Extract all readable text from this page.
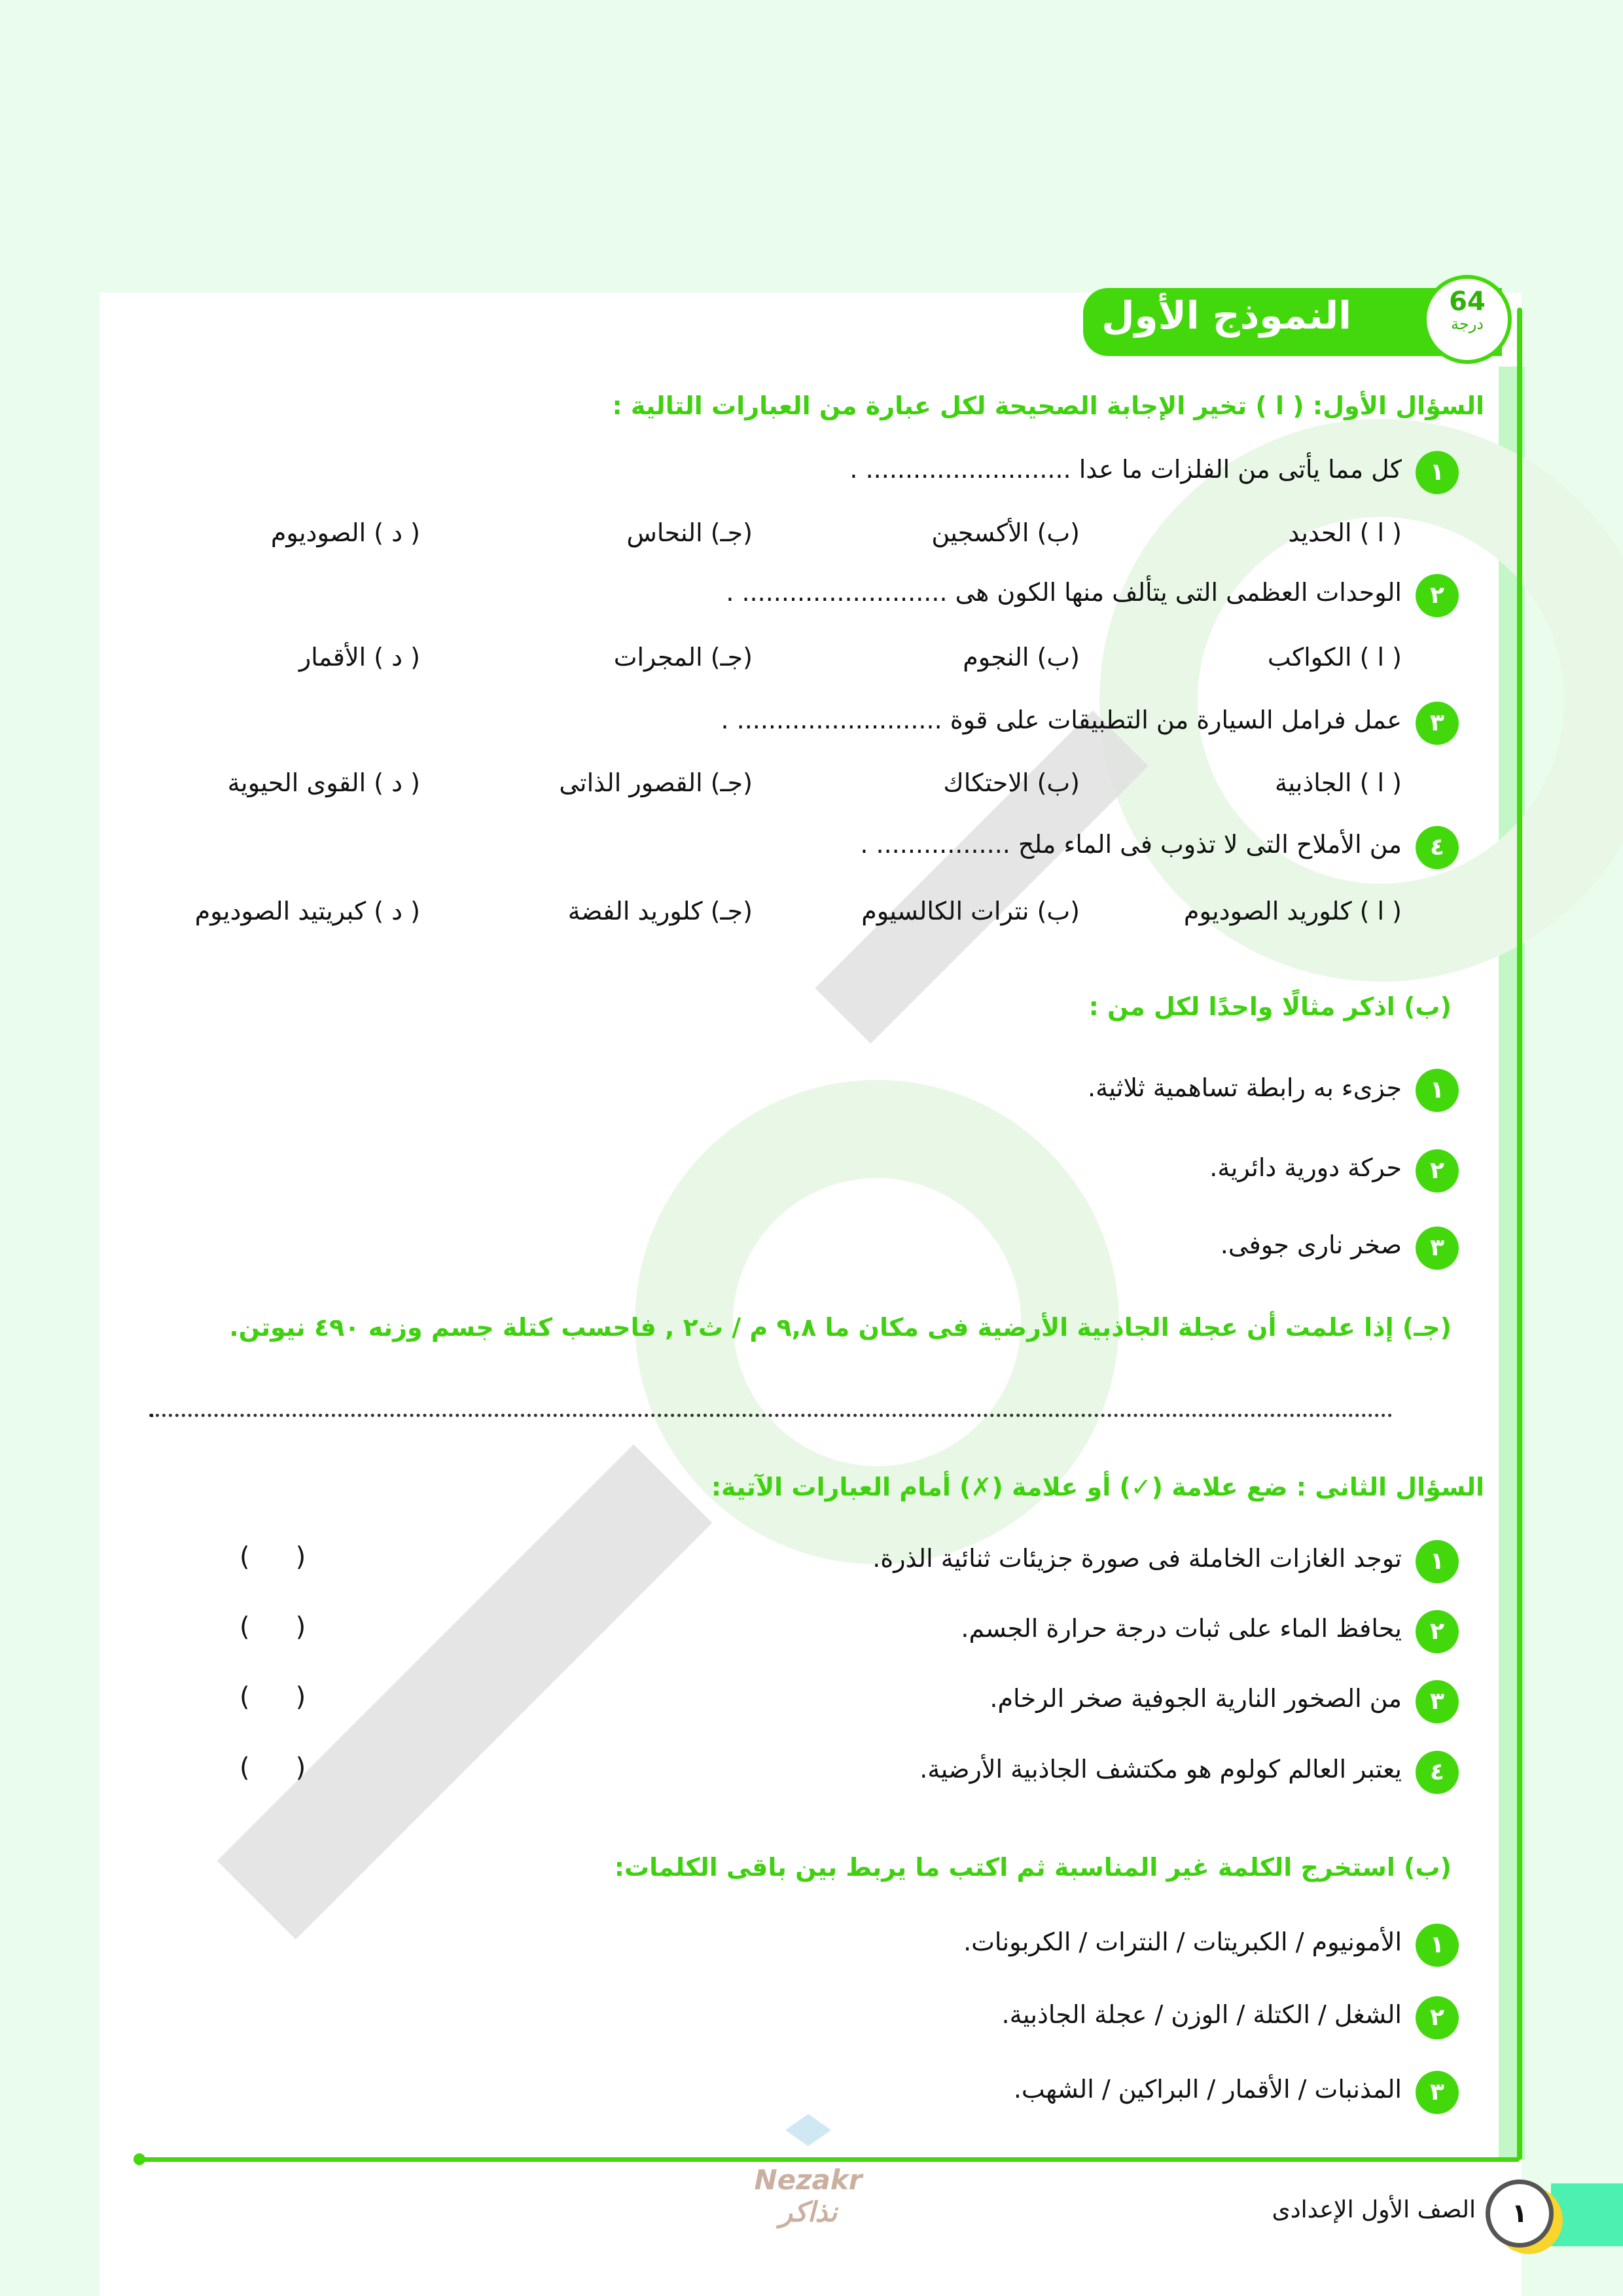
النموذج الأول	64
درجة
السؤال الأول: ( ا ) تخير الإجابة الصحيحة لكل عبارة من العبارات التالية :
١
كل مما يأتى من الفلزات ما عدا .......................... .
( ا ) الحديد
(ب) الأكسجين
(جـ) النحاس
( د ) الصوديوم
٢
الوحدات العظمى التى يتألف منها الكون هى .......................... .
( ا ) الكواكب
(ب) النجوم
(جـ) المجرات
( د ) الأقمار
٣
عمل فرامل السيارة من التطبيقات على قوة .......................... .
( ا ) الجاذبية
(ب) الاحتكاك
(جـ) القصور الذاتى
( د ) القوى الحيوية
٤
من الأملاح التى لا تذوب فى الماء ملح ................. .
( ا ) كلوريد الصوديوم
(ب) نترات الكالسيوم
(جـ) كلوريد الفضة
( د ) كبريتيد الصوديوم
(ب) اذكر مثالًا واحدًا لكل من :
١
جزىء به رابطة تساهمية ثلاثية.
٢
حركة دورية دائرية.
٣
صخر نارى جوفى.
(جـ) إذا علمت أن عجلة الجاذبية الأرضية فى مكان ما ٩,٨ م / ث٢ , فاحسب كتلة جسم وزنه ٤٩٠ نيوتن.
.
السؤال الثانى : ضع علامة (✓) أو علامة (✗) أمام العبارات الآتية:
١
توجد الغازات الخاملة فى صورة جزيئات ثنائية الذرة.
()
٢
يحافظ الماء على ثبات درجة حرارة الجسم.
()
٣
من الصخور النارية الجوفية صخر الرخام.
()
٤
يعتبر العالم كولوم هو مكتشف الجاذبية الأرضية.
()
(ب) استخرج الكلمة غير المناسبة ثم اكتب ما يربط بين باقى الكلمات:
١
الأمونيوم / الكبريتات / النترات / الكربونات.
٢
الشغل / الكتلة / الوزن / عجلة الجاذبية.
٣
المذنبات / الأقمار / البراكين / الشهب.
Nezakr نذاكر	١
الصف الأول الإعدادى
